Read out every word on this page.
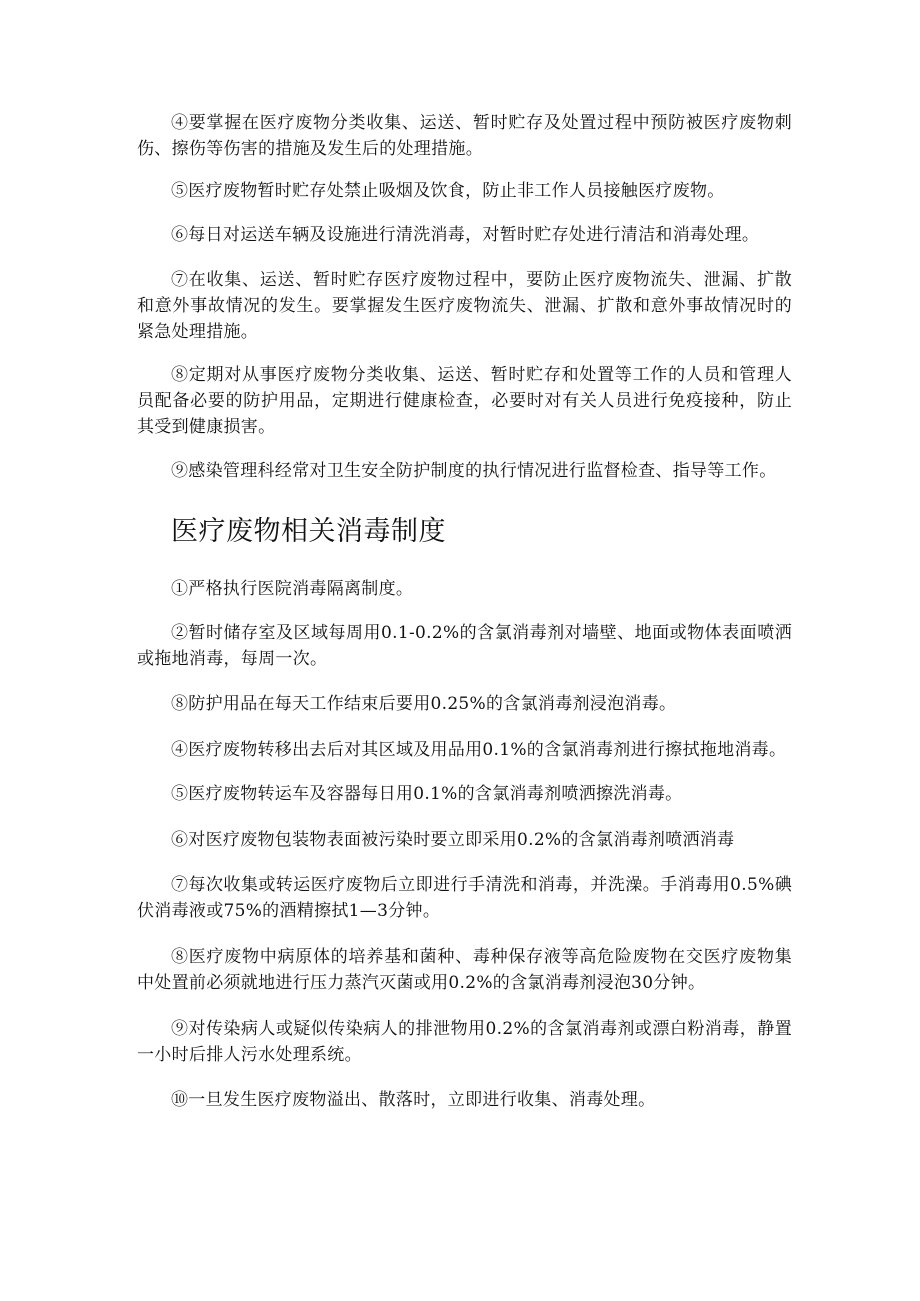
④要掌握在医疗废物分类收集、运送、暂时贮存及处置过程中预防被医疗废物刺伤、擦伤等伤害的措施及发生后的处理措施。

⑤医疗废物暂时贮存处禁止吸烟及饮食，防止非工作人员接触医疗废物。

⑥每日对运送车辆及设施进行清洗消毒，对暂时贮存处进行清洁和消毒处理。

⑦在收集、运送、暂时贮存医疗废物过程中，要防止医疗废物流失、泄漏、扩散和意外事故情况的发生。要掌握发生医疗废物流失、泄漏、扩散和意外事故情况时的紧急处理措施。

⑧定期对从事医疗废物分类收集、运送、暂时贮存和处置等工作的人员和管理人员配备必要的防护用品，定期进行健康检查，必要时对有关人员进行免疫接种，防止其受到健康损害。

⑨感染管理科经常对卫生安全防护制度的执行情况进行监督检查、指导等工作。

医疗废物相关消毒制度

①严格执行医院消毒隔离制度。

②暂时储存室及区域每周用0.1-0.2%的含氯消毒剂对墙壁、地面或物体表面喷洒或拖地消毒，每周一次。

⑧防护用品在每天工作结束后要用0.25%的含氯消毒剂浸泡消毒。

④医疗废物转移出去后对其区域及用品用0.1%的含氯消毒剂进行擦拭拖地消毒。

⑤医疗废物转运车及容器每日用0.1%的含氯消毒剂喷洒擦洗消毒。

⑥对医疗废物包装物表面被污染时要立即采用0.2%的含氯消毒剂喷洒消毒

⑦每次收集或转运医疗废物后立即进行手清洗和消毒，并洗澡。手消毒用0.5%碘伏消毒液或75%的酒精擦拭1—3分钟。

⑧医疗废物中病原体的培养基和菌种、毒种保存液等高危险废物在交医疗废物集中处置前必须就地进行压力蒸汽灭菌或用0.2%的含氯消毒剂浸泡30分钟。

⑨对传染病人或疑似传染病人的排泄物用0.2%的含氯消毒剂或漂白粉消毒，静置一小时后排人污水处理系统。

⑩一旦发生医疗废物溢出、散落时，立即进行收集、消毒处理。
